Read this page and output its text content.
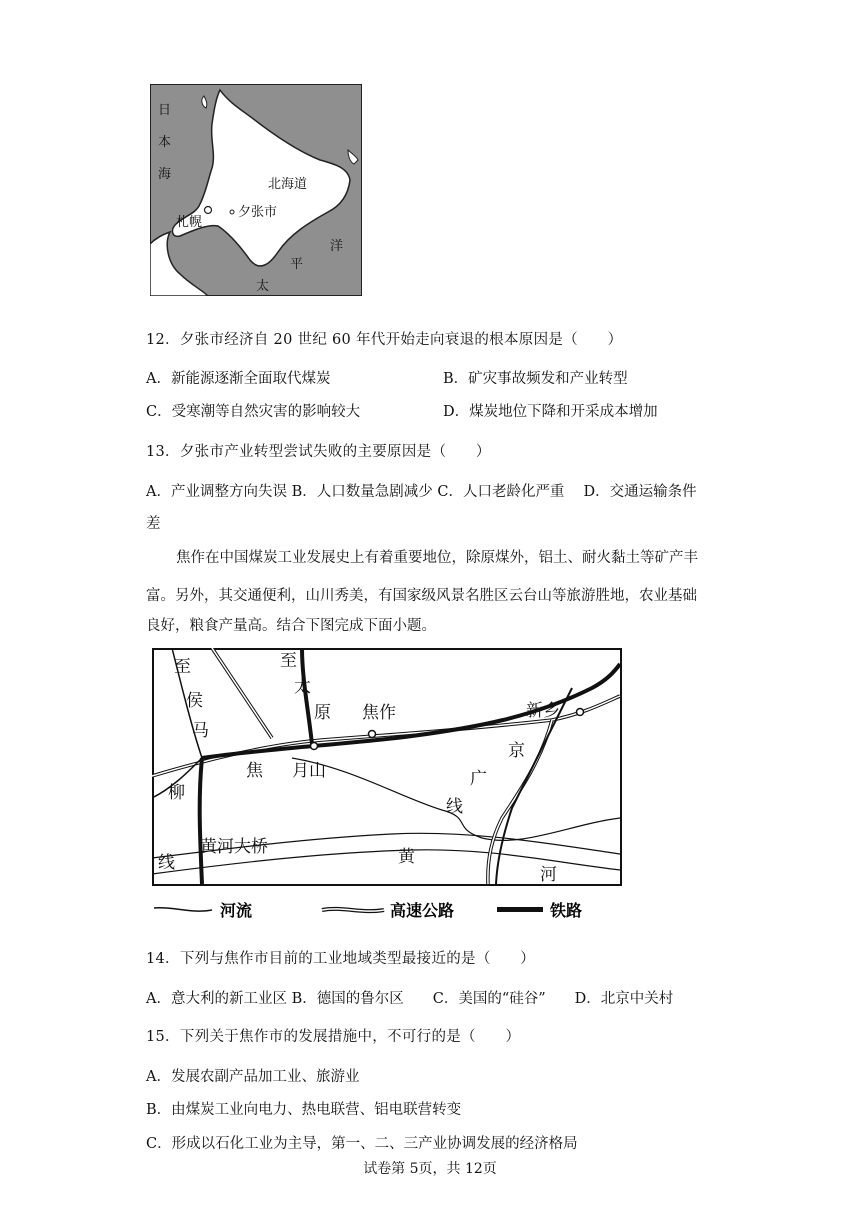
日
本
海
北海道
札幌
夕张市
洋
平
太
12．夕张市经济自 20 世纪 60 年代开始走向衰退的根本原因是（　　）
A．新能源逐渐全面取代煤炭	B．矿灾事故频发和产业转型
C．受寒潮等自然灾害的影响较大	D．煤炭地位下降和开采成本增加
13．夕张市产业转型尝试失败的主要原因是（　　）
A．产业调整方向失误 B．人口数量急剧减少 C．人口老龄化严重　 D．交通运输条件
差
焦作在中国煤炭工业发展史上有着重要地位，除原煤外，铝土、耐火黏土等矿产丰
富。另外，其交通便利，山川秀美，有国家级风景名胜区云台山等旅游胜地，农业基础
良好，粮食产量高。结合下图完成下面小题。
至
侯
马
至
太
原 焦作	新乡
京
广
线
焦 月山
柳
线
黄河大桥	黄
河
河流	高速公路	铁路
14．下列与焦作市目前的工业地域类型最接近的是（　　）
A．意大利的新工业区 B．德国的鲁尔区　　C．美国的“硅谷”　　D．北京中关村
15．下列关于焦作市的发展措施中，不可行的是（　　）
A．发展农副产品加工业、旅游业
B．由煤炭工业向电力、热电联营、铝电联营转变
C．形成以石化工业为主导，第一、二、三产业协调发展的经济格局
试卷第 5页，共 12页
